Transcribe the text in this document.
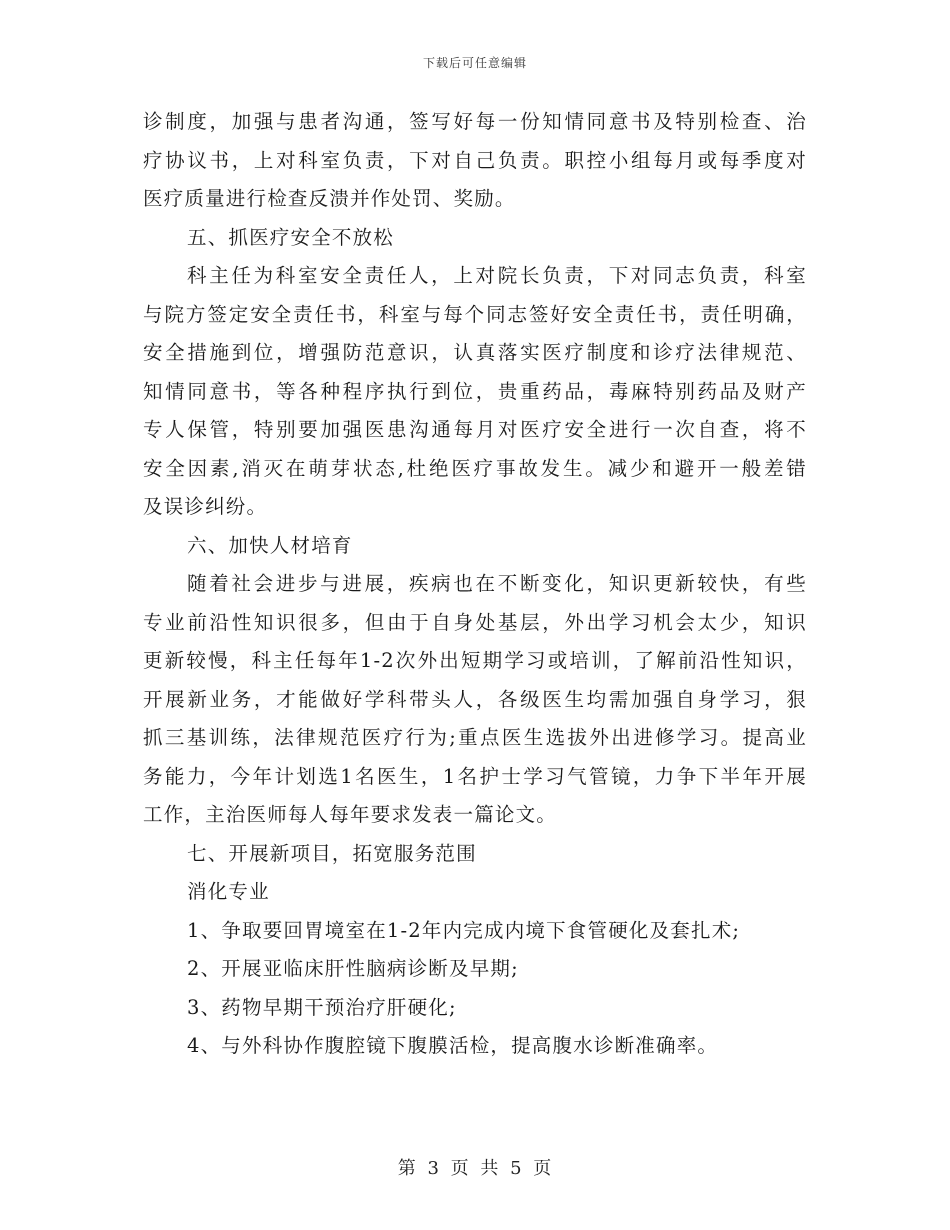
下载后可任意编辑
诊制度，加强与患者沟通，签写好每一份知情同意书及特别检查、治
疗协议书，上对科室负责，下对自己负责。职控小组每月或每季度对
医疗质量进行检查反溃并作处罚、奖励。
五、抓医疗安全不放松
科主任为科室安全责任人，上对院长负责，下对同志负责，科室
与院方签定安全责任书，科室与每个同志签好安全责任书，责任明确，
安全措施到位，增强防范意识，认真落实医疗制度和诊疗法律规范、
知情同意书，等各种程序执行到位，贵重药品，毒麻特别药品及财产
专人保管，特别要加强医患沟通每月对医疗安全进行一次自查，将不
安全因素,消灭在萌芽状态,杜绝医疗事故发生。减少和避开一般差错
及误诊纠纷。
六、加快人材培育
随着社会进步与进展，疾病也在不断变化，知识更新较快，有些
专业前沿性知识很多，但由于自身处基层，外出学习机会太少，知识
更新较慢，科主任每年1-2次外出短期学习或培训，了解前沿性知识，
开展新业务，才能做好学科带头人，各级医生均需加强自身学习，狠
抓三基训练，法律规范医疗行为;重点医生选拔外出进修学习。提高业
务能力，今年计划选1名医生，1名护士学习气管镜，力争下半年开展
工作，主治医师每人每年要求发表一篇论文。
七、开展新项目，拓宽服务范围
消化专业
1、争取要回胃境室在1-2年内完成内境下食管硬化及套扎术;
2、开展亚临床肝性脑病诊断及早期;
3、药物早期干预治疗肝硬化;
4、与外科协作腹腔镜下腹膜活检，提高腹水诊断准确率。
第 3 页 共 5 页
